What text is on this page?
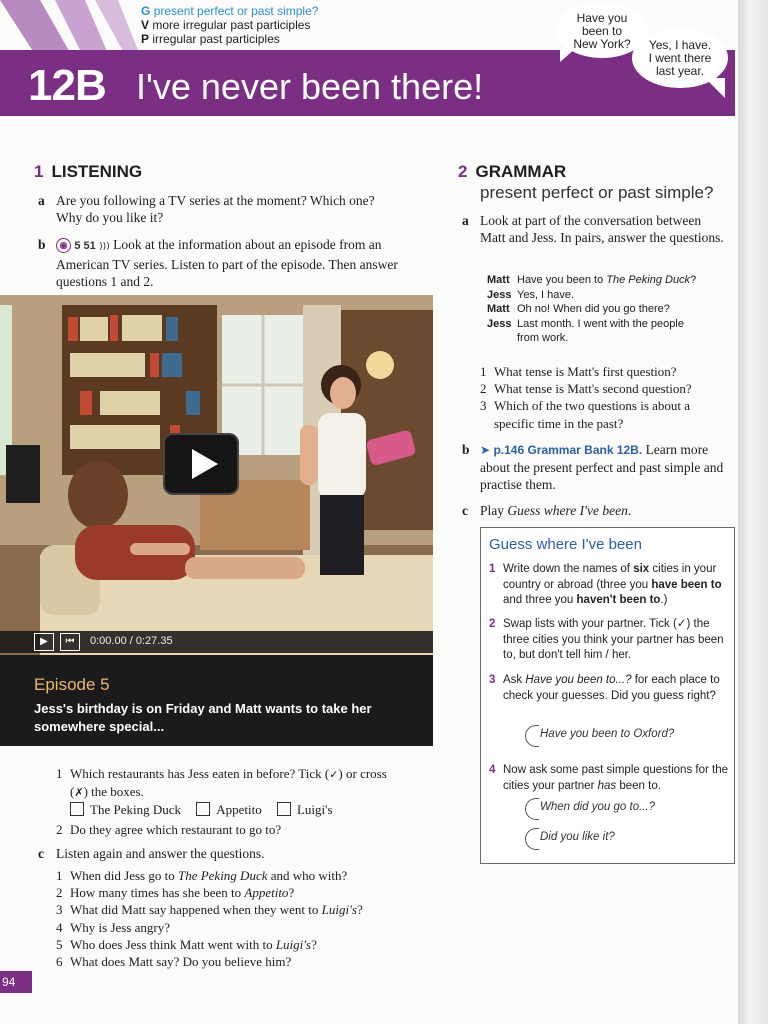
G present perfect or past simple?
V more irregular past participles
P irregular past participles
12B I've never been there!
Have you
been to
New York? Yes, I have.
I went there
last year.
1 LISTENING
a Are you following a TV series at the moment? Which one? Why do you like it?
b ◉ 5 51 ))) Look at the information about an episode from an American TV series. Listen to part of the episode. Then answer questions 1 and 2.
▶	⏮	0:00.00 / 0:27.35
Episode 5
Jess's birthday is on Friday and Matt wants to take her somewhere special...
1 Which restaurants has Jess eaten in before? Tick (✓) or cross (✗) the boxes.
The Peking Duck	Appetito	Luigi's
2 Do they agree which restaurant to go to?
c Listen again and answer the questions.
1 When did Jess go to The Peking Duck and who with?
2 How many times has she been to Appetito?
3 What did Matt say happened when they went to Luigi's?
4 Why is Jess angry?
5 Who does Jess think Matt went with to Luigi's?
6 What does Matt say? Do you believe him?
94
2 GRAMMAR
present perfect or past simple?
a Look at part of the conversation between Matt and Jess. In pairs, answer the questions.
Matt Have you been to The Peking Duck?
Jess Yes, I have.
Matt Oh no! When did you go there?
Jess Last month. I went with the people from work.
1 What tense is Matt's first question?
2 What tense is Matt's second question?
3 Which of the two questions is about a specific time in the past?
b ➤ p.146 Grammar Bank 12B. Learn more about the present perfect and past simple and practise them.
c Play Guess where I've been.
Guess where I've been
1 Write down the names of six cities in your country or abroad (three you have been to and three you haven't been to.)
2 Swap lists with your partner. Tick (✓) the three cities you think your partner has been to, but don't tell him / her.
3 Ask Have you been to...? for each place to check your guesses. Did you guess right?
Have you been to Oxford?
4 Now ask some past simple questions for the cities your partner has been to.
When did you go to...?
Did you like it?
